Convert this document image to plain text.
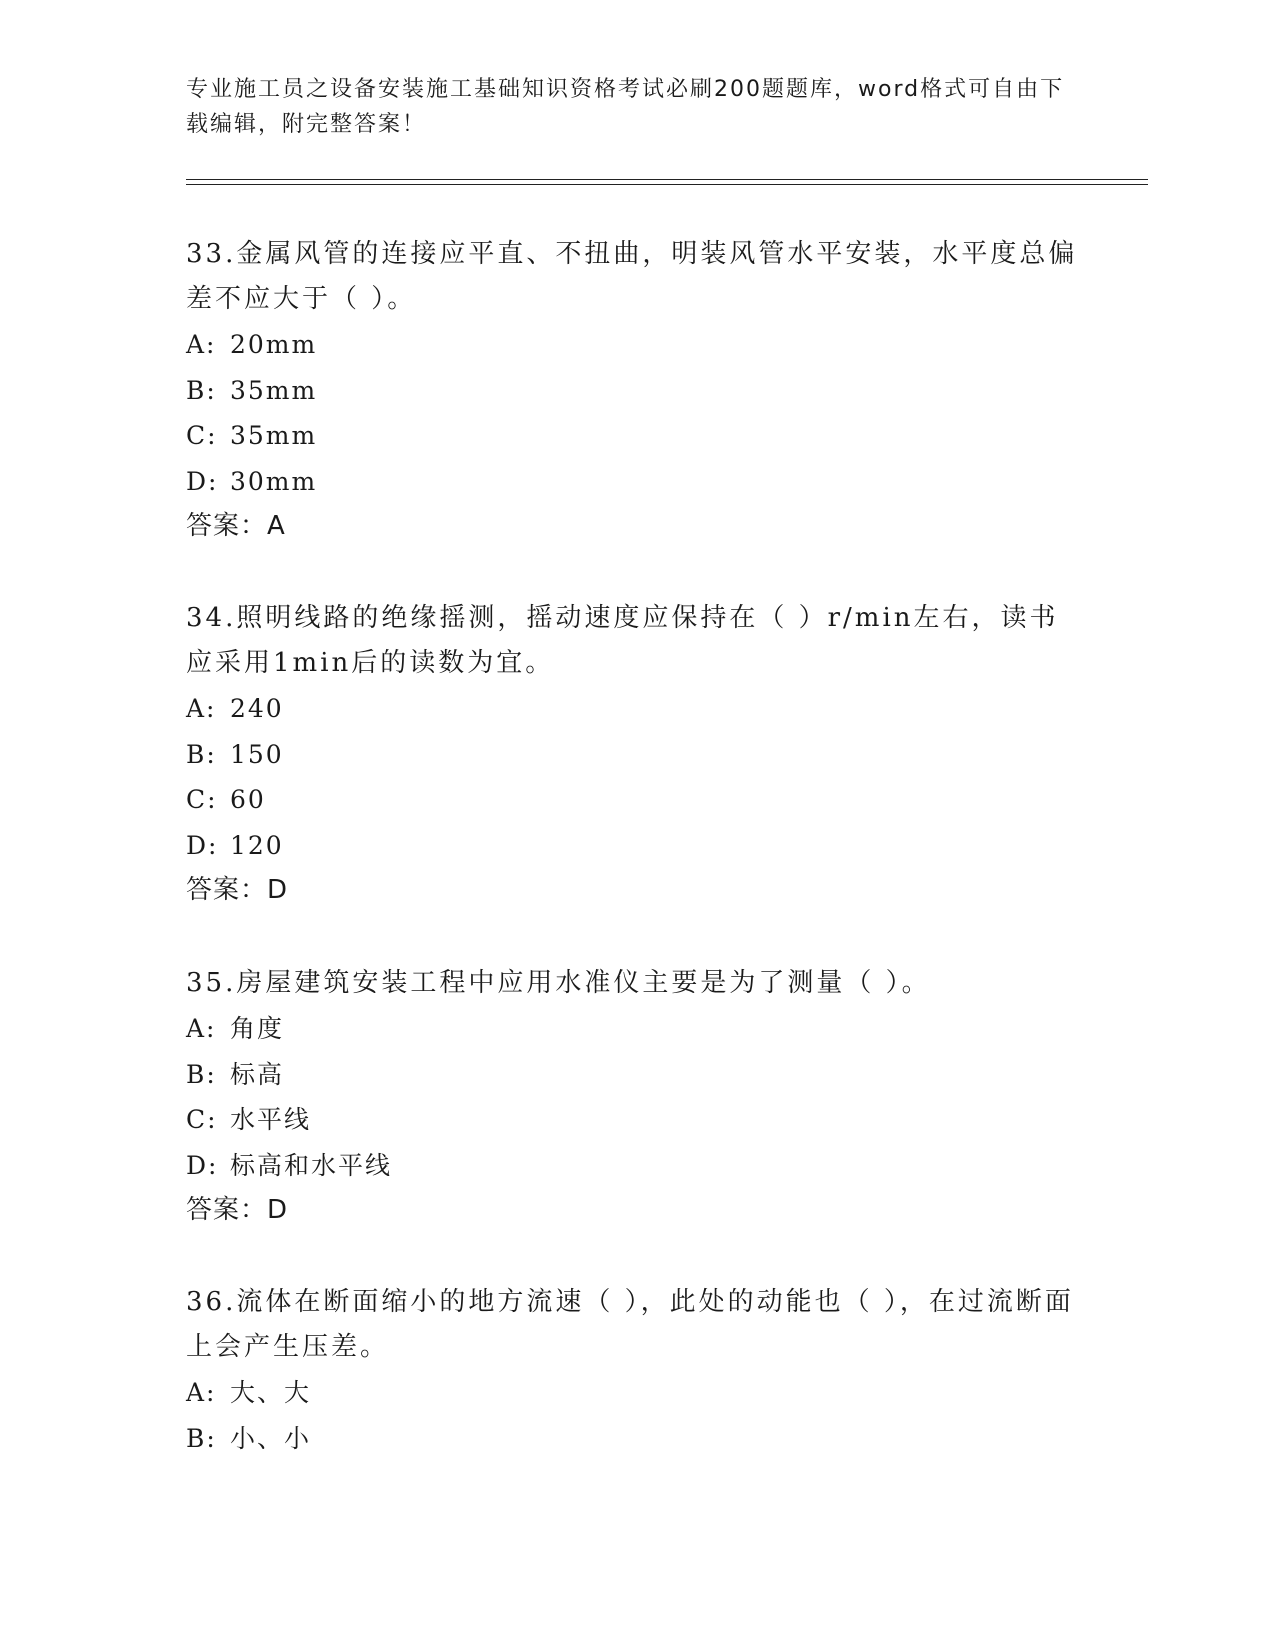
专业施工员之设备安装施工基础知识资格考试必刷200题题库，word格式可自由下载编辑，附完整答案！

33.金属风管的连接应平直、不扭曲，明装风管水平安装，水平度总偏差不应大于（ ）。

A: 20mm

B: 35mm

C: 35mm

D: 30mm

答案：A

34.照明线路的绝缘摇测，摇动速度应保持在（ ）r/min左右，读书应采用1min后的读数为宜。

A: 240

B: 150

C: 60

D: 120

答案：D

35.房屋建筑安装工程中应用水准仪主要是为了测量（ ）。

A: 角度

B: 标高

C: 水平线

D: 标高和水平线

答案：D

36.流体在断面缩小的地方流速（ ），此处的动能也（ ），在过流断面上会产生压差。

A: 大、大

B: 小、小
